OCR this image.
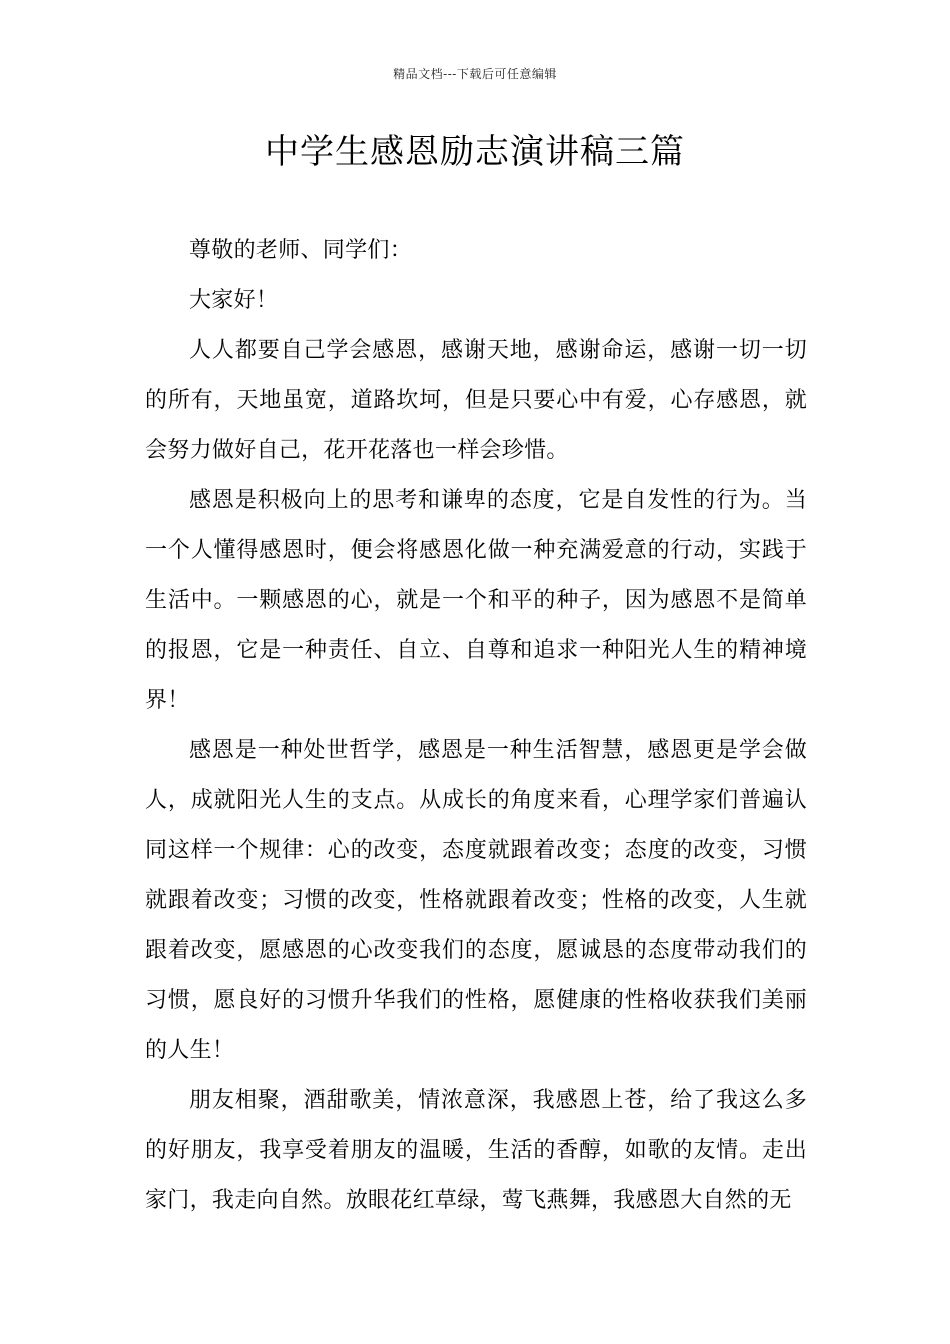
精品文档---下载后可任意编辑
中学生感恩励志演讲稿三篇

尊敬的老师、同学们：

大家好！

人人都要自己学会感恩，感谢天地，感谢命运，感谢一切一切的所有，天地虽宽，道路坎坷，但是只要心中有爱，心存感恩，就会努力做好自己，花开花落也一样会珍惜。

感恩是积极向上的思考和谦卑的态度，它是自发性的行为。当一个人懂得感恩时，便会将感恩化做一种充满爱意的行动，实践于生活中。一颗感恩的心，就是一个和平的种子，因为感恩不是简单的报恩，它是一种责任、自立、自尊和追求一种阳光人生的精神境界！

感恩是一种处世哲学，感恩是一种生活智慧，感恩更是学会做人，成就阳光人生的支点。从成长的角度来看，心理学家们普遍认同这样一个规律：心的改变，态度就跟着改变；态度的改变，习惯就跟着改变；习惯的改变，性格就跟着改变；性格的改变，人生就跟着改变，愿感恩的心改变我们的态度，愿诚恳的态度带动我们的习惯，愿良好的习惯升华我们的性格，愿健康的性格收获我们美丽的人生！

朋友相聚，酒甜歌美，情浓意深，我感恩上苍，给了我这么多的好朋友，我享受着朋友的温暖，生活的香醇，如歌的友情。走出家门，我走向自然。放眼花红草绿，莺飞燕舞，我感恩大自然的无
